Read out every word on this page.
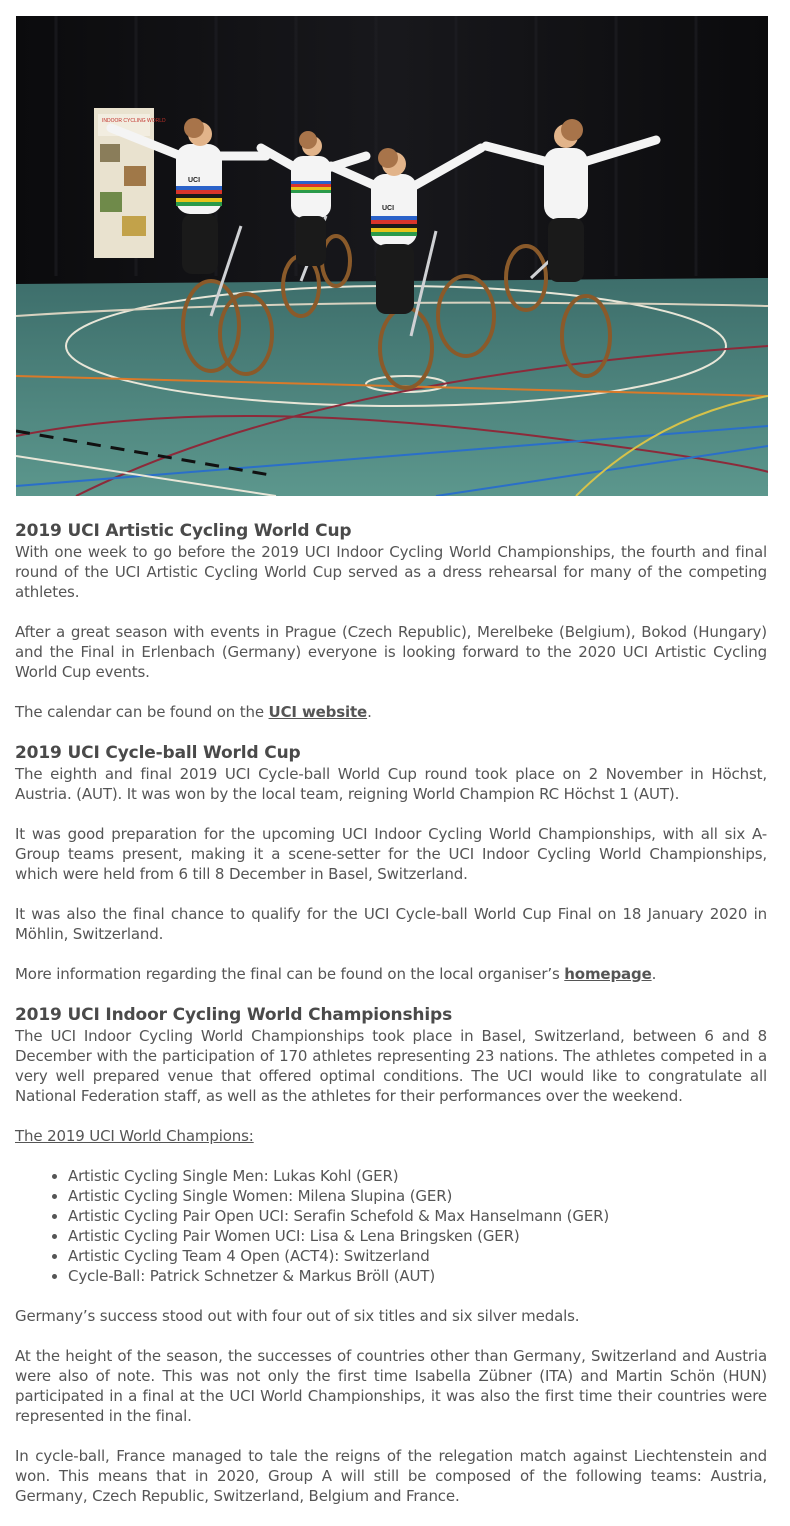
INDOOR CYCLING WORLD
UCI
UCI
2019 UCI Artistic Cycling World Cup

With one week to go before the 2019 UCI Indoor Cycling World Championships, the fourth and final round of the UCI Artistic Cycling World Cup served as a dress rehearsal for many of the competing athletes.

After a great season with events in Prague (Czech Republic), Merelbeke (Belgium), Bokod (Hungary) and the Final in Erlenbach (Germany) everyone is looking forward to the 2020 UCI Artistic Cycling World Cup events.

The calendar can be found on the UCI website.

2019 UCI Cycle-ball World Cup

The eighth and final 2019 UCI Cycle-ball World Cup round took place on 2 November in Höchst, Austria. (AUT). It was won by the local team, reigning World Champion RC Höchst 1 (AUT).

It was good preparation for the upcoming UCI Indoor Cycling World Championships, with all six A-Group teams present, making it a scene-setter for the UCI Indoor Cycling World Championships, which were held from 6 till 8 December in Basel, Switzerland.

It was also the final chance to qualify for the UCI Cycle-ball World Cup Final on 18 January 2020 in Möhlin, Switzerland.

More information regarding the final can be found on the local organiser’s homepage.

2019 UCI Indoor Cycling World Championships

The UCI Indoor Cycling World Championships took place in Basel, Switzerland, between 6 and 8 December with the participation of 170 athletes representing 23 nations. The athletes competed in a very well prepared venue that offered optimal conditions. The UCI would like to congratulate all National Federation staff, as well as the athletes for their performances over the weekend.

The 2019 UCI World Champions:

• Artistic Cycling Single Men: Lukas Kohl (GER)
• Artistic Cycling Single Women: Milena Slupina (GER)
• Artistic Cycling Pair Open UCI: Serafin Schefold & Max Hanselmann (GER)
• Artistic Cycling Pair Women UCI: Lisa & Lena Bringsken (GER)
• Artistic Cycling Team 4 Open (ACT4): Switzerland
• Cycle-Ball: Patrick Schnetzer & Markus Bröll (AUT)

Germany’s success stood out with four out of six titles and six silver medals.

At the height of the season, the successes of countries other than Germany, Switzerland and Austria were also of note. This was not only the first time Isabella Zübner (ITA) and Martin Schön (HUN) participated in a final at the UCI World Championships, it was also the first time their countries were represented in the final.

In cycle-ball, France managed to tale the reigns of the relegation match against Liechtenstein and won. This means that in 2020, Group A will still be composed of the following teams: Austria, Germany, Czech Republic, Switzerland, Belgium and France.
